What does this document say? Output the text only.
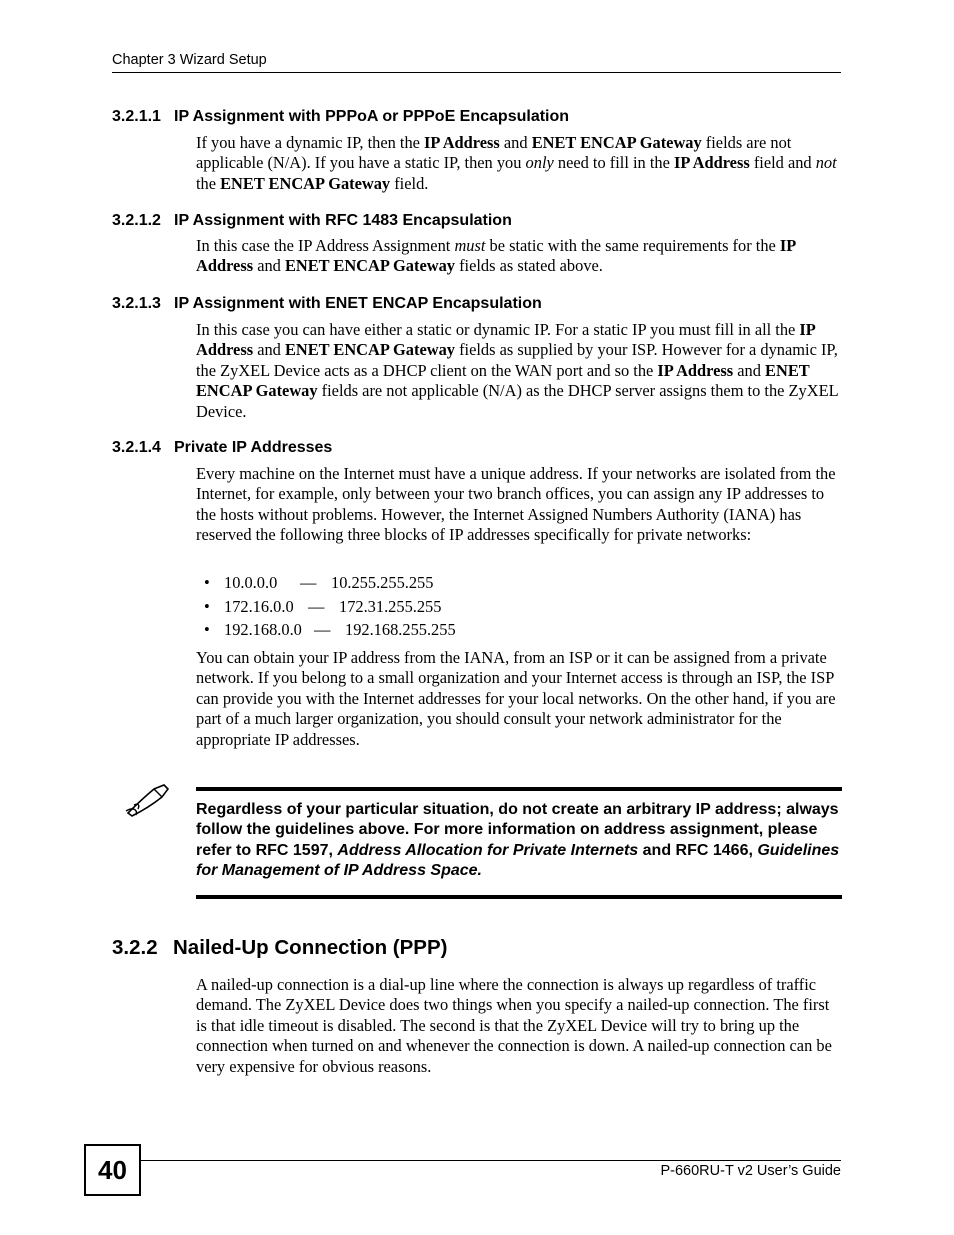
Chapter 3 Wizard Setup
3.2.1.1 IP Assignment with PPPoA or PPPoE Encapsulation

If you have a dynamic IP, then the IP Address and ENET ENCAP Gateway fields are not applicable (N/A). If you have a static IP, then you only need to fill in the IP Address field and not the ENET ENCAP Gateway field.

3.2.1.2 IP Assignment with RFC 1483 Encapsulation

In this case the IP Address Assignment must be static with the same requirements for the IP Address and ENET ENCAP Gateway fields as stated above.

3.2.1.3 IP Assignment with ENET ENCAP Encapsulation

In this case you can have either a static or dynamic IP. For a static IP you must fill in all the IP Address and ENET ENCAP Gateway fields as supplied by your ISP. However for a dynamic IP, the ZyXEL Device acts as a DHCP client on the WAN port and so the IP Address and ENET ENCAP Gateway fields are not applicable (N/A) as the DHCP server assigns them to the ZyXEL Device.

3.2.1.4 Private IP Addresses

Every machine on the Internet must have a unique address. If your networks are isolated from the Internet, for example, only between your two branch offices, you can assign any IP addresses to the hosts without problems. However, the Internet Assigned Numbers Authority (IANA) has reserved the following three blocks of IP addresses specifically for private networks:

• 10.0.0.0	— 10.255.255.255
• 172.16.0.0 — 172.31.255.255
• 192.168.0.0 — 192.168.255.255

You can obtain your IP address from the IANA, from an ISP or it can be assigned from a private network. If you belong to a small organization and your Internet access is through an ISP, the ISP can provide you with the Internet addresses for your local networks. On the other hand, if you are part of a much larger organization, you should consult your network administrator for the appropriate IP addresses.

Regardless of your particular situation, do not create an arbitrary IP address; always follow the guidelines above. For more information on address assignment, please refer to RFC 1597, Address Allocation for Private Internets and RFC 1466, Guidelines for Management of IP Address Space.

3.2.2 Nailed-Up Connection (PPP)

A nailed-up connection is a dial-up line where the connection is always up regardless of traffic demand. The ZyXEL Device does two things when you specify a nailed-up connection. The first is that idle timeout is disabled. The second is that the ZyXEL Device will try to bring up the connection when turned on and whenever the connection is down. A nailed-up connection can be very expensive for obvious reasons.

40	P-660RU-T v2 User’s Guide
